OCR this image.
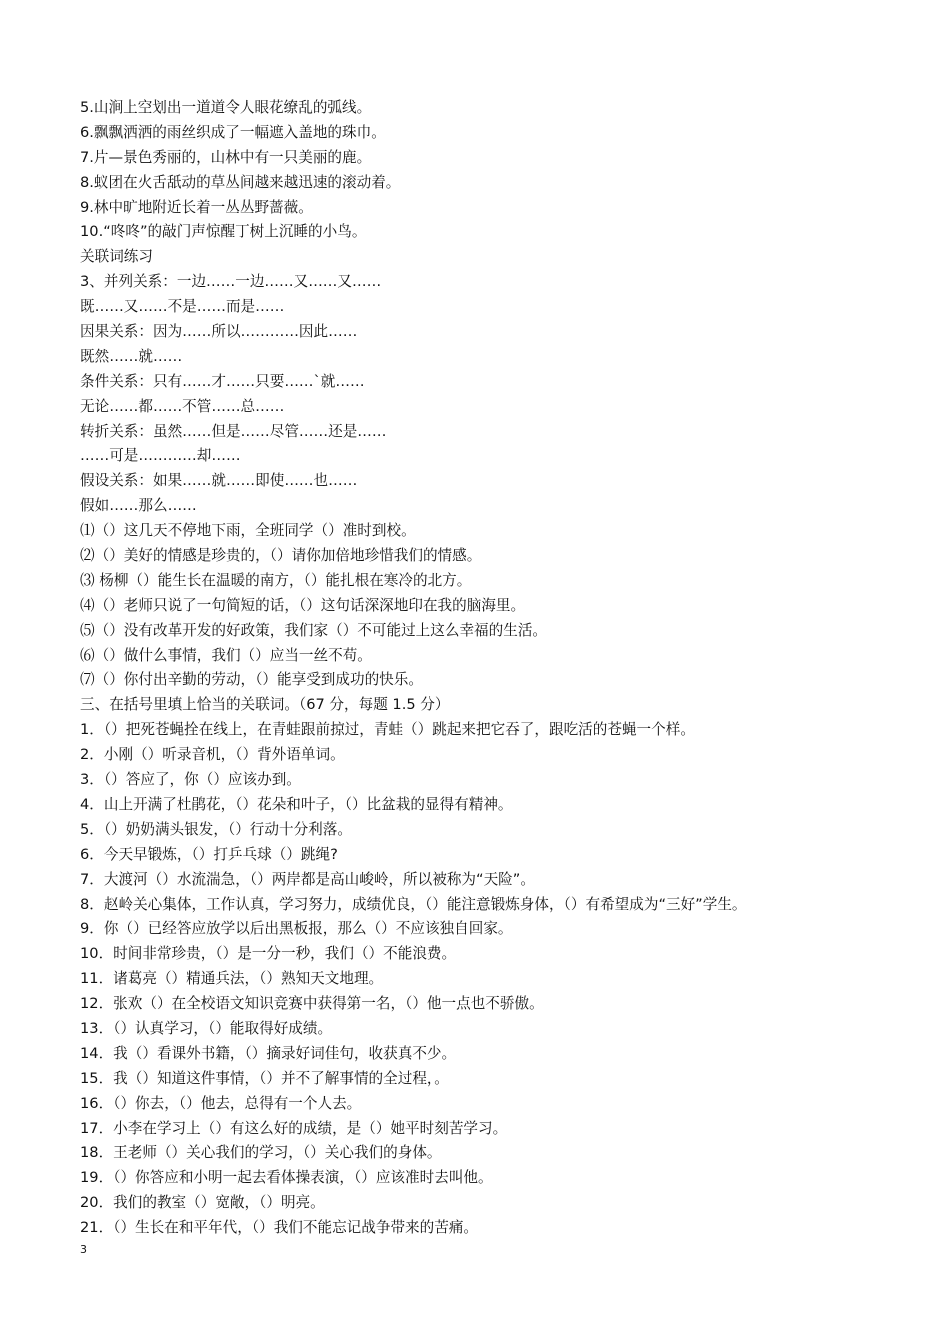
5.山涧上空划出一道道令人眼花缭乱的弧线。
6.飘飘洒洒的雨丝织成了一幅遮入盖地的珠巾。
7.片—景色秀丽的，山林中有一只美丽的鹿。
8.蚁团在火舌舐动的草丛间越来越迅速的滚动着。
9.林中旷地附近长着一丛丛野蔷薇。
10.“咚咚”的敲门声惊醒丁树上沉睡的小鸟。
关联词练习
3、并列关系：一边……一边……又……又……
既……又……不是……而是……
因果关系：因为……所以…………因此……
既然……就……
条件关系：只有……才……只要……`就……
无论……都……不管……总……
转折关系：虽然……但是……尽管……还是……
……可是…………却……
假设关系：如果……就……即使……也……
假如……那么……
⑴（）这几天不停地下雨，全班同学（）准时到校。
⑵（）美好的情感是珍贵的，（）请你加倍地珍惜我们的情感。
⑶ 杨柳（）能生长在温暖的南方，（）能扎根在寒冷的北方。
⑷（）老师只说了一句简短的话，（）这句话深深地印在我的脑海里。
⑸（）没有改革开发的好政策，我们家（）不可能过上这么幸福的生活。
⑹（）做什么事情，我们（）应当一丝不苟。
⑺（）你付出辛勤的劳动，（）能享受到成功的快乐。
三、在括号里填上恰当的关联词。（67 分，每题 1.5 分）
1．（）把死苍蝇拴在线上，在青蛙跟前掠过，青蛙（）跳起来把它吞了，跟吃活的苍蝇一个样。
2．小刚（）听录音机，（）背外语单词。
3．（）答应了，你（）应该办到。
4．山上开满了杜鹃花，（）花朵和叶子，（）比盆栽的显得有精神。
5．（）奶奶满头银发，（）行动十分利落。
6．今天早锻炼，（）打乒乓球（）跳绳?
7．大渡河（）水流湍急，（）两岸都是高山峻岭，所以被称为“天险”。
8．赵岭关心集体，工作认真，学习努力，成绩优良，（）能注意锻炼身体，（）有希望成为“三好”学生。
9．你（）已经答应放学以后出黑板报，那么（）不应该独自回家。
10．时间非常珍贵，（）是一分一秒，我们（）不能浪费。
11．诸葛亮（）精通兵法，（）熟知天文地理。
12．张欢（）在全校语文知识竞赛中获得第一名，（）他一点也不骄傲。
13．（）认真学习，（）能取得好成绩。
14．我（）看课外书籍，（）摘录好词佳句，收获真不少。
15．我（）知道这件事情，（）并不了解事情的全过程，。
16．（）你去，（）他去，总得有一个人去。
17．小李在学习上（）有这么好的成绩，是（）她平时刻苦学习。
18．王老师（）关心我们的学习，（）关心我们的身体。
19．（）你答应和小明一起去看体操表演，（）应该准时去叫他。
20．我们的教室（）宽敞，（）明亮。
21．（）生长在和平年代，（）我们不能忘记战争带来的苦痛。
3
